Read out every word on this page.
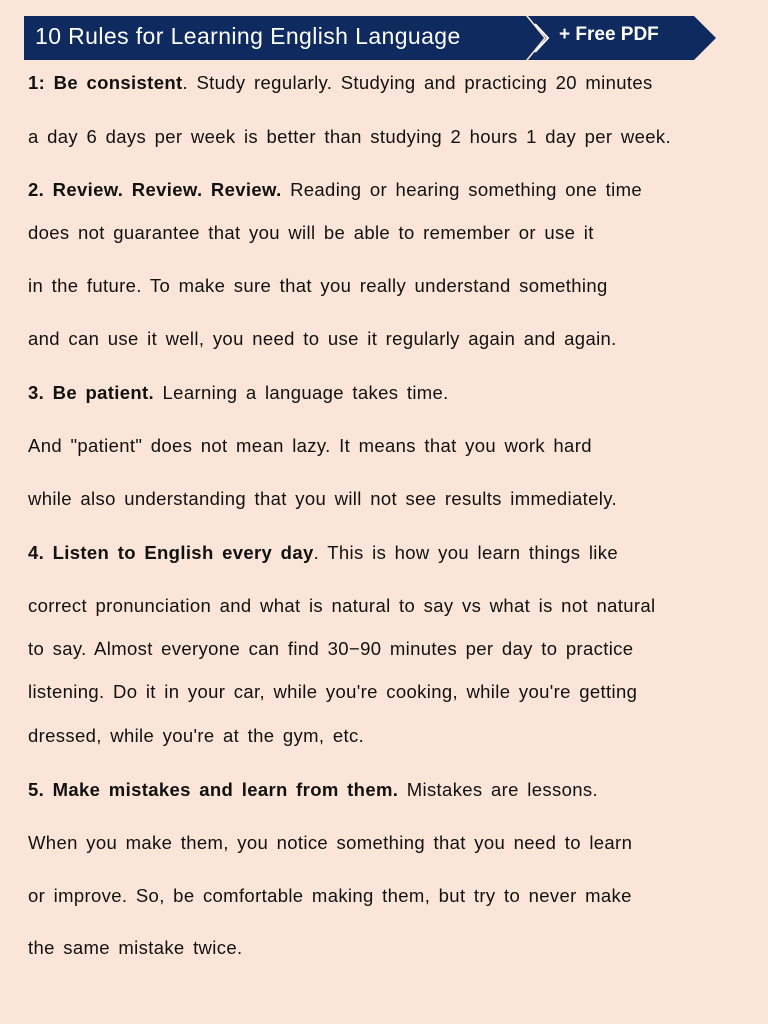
10 Rules for Learning English Language	+ Free PDF
1: Be consistent. Study regularly. Studying and practicing 20 minutes
a day 6 days per week is better than studying 2 hours 1 day per week.
2. Review. Review. Review. Reading or hearing something one time
does not guarantee that you will be able to remember or use it
in the future. To make sure that you really understand something
and can use it well, you need to use it regularly again and again.
3. Be patient. Learning a language takes time.
And "patient" does not mean lazy. It means that you work hard
while also understanding that you will not see results immediately.
4. Listen to English every day. This is how you learn things like
correct pronunciation and what is natural to say vs what is not natural
to say. Almost everyone can find 30−90 minutes per day to practice
listening. Do it in your car, while you're cooking, while you're getting
dressed, while you're at the gym, etc.
5. Make mistakes and learn from them. Mistakes are lessons.
When you make them, you notice something that you need to learn
or improve. So, be comfortable making them, but try to never make
the same mistake twice.
